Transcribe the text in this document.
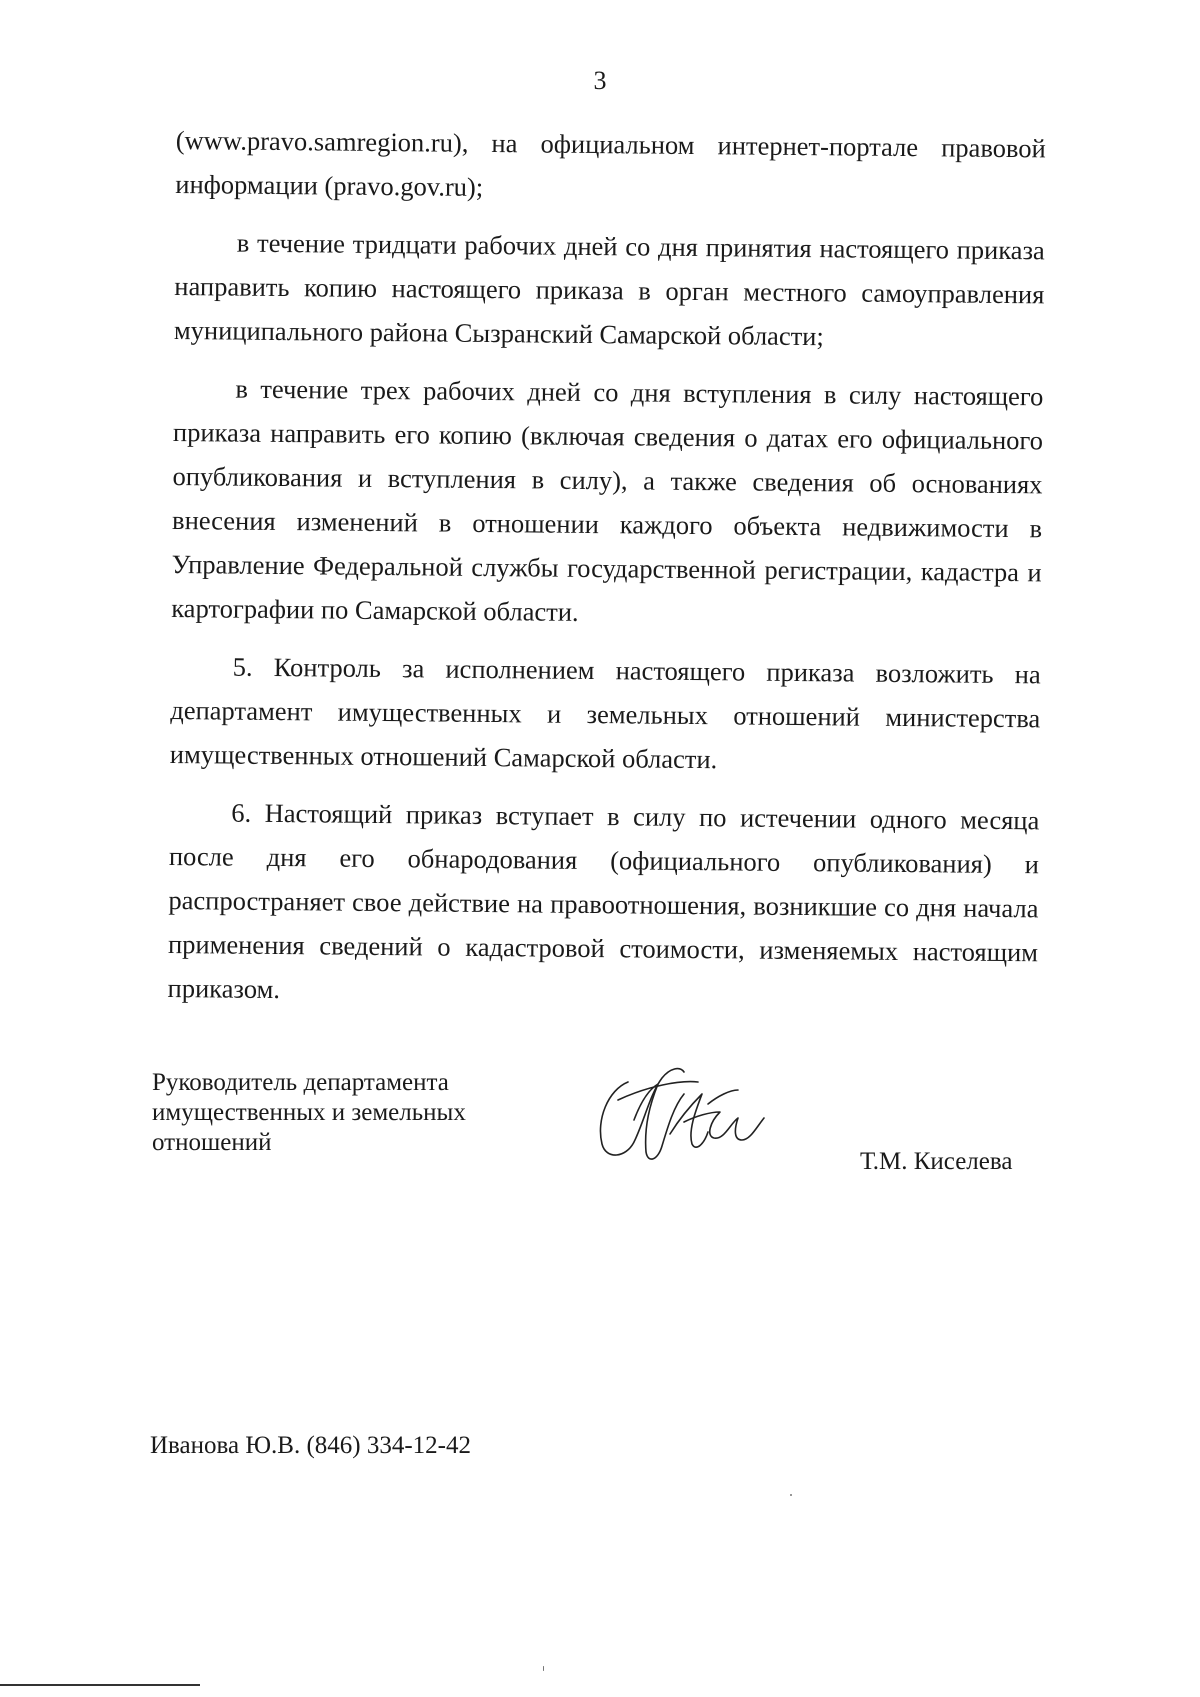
3

(www.pravo.samregion.ru), на официальном интернет-портале правовой информации (pravo.gov.ru);

в течение тридцати рабочих дней со дня принятия настоящего приказа направить копию настоящего приказа в орган местного самоуправления муниципального района Сызранский Самарской области;

в течение трех рабочих дней со дня вступления в силу настоящего приказа направить его копию (включая сведения о датах его официального опубликования и вступления в силу), а также сведения об основаниях внесения изменений в отношении каждого объекта недвижимости в Управление Федеральной службы государственной регистрации, кадастра и картографии по Самарской области.

5. Контроль за исполнением настоящего приказа возложить на департамент имущественных и земельных отношений министерства имущественных отношений Самарской области.

6. Настоящий приказ вступает в силу по истечении одного месяца после дня его обнародования (официального опубликования) и распространяет свое действие на правоотношения, возникшие со дня начала применения сведений о кадастровой стоимости, изменяемых настоящим приказом.

Руководитель департамента
имущественных и земельных
отношений
Т.М. Киселева
Иванова Ю.В. (846) 334-12-42
